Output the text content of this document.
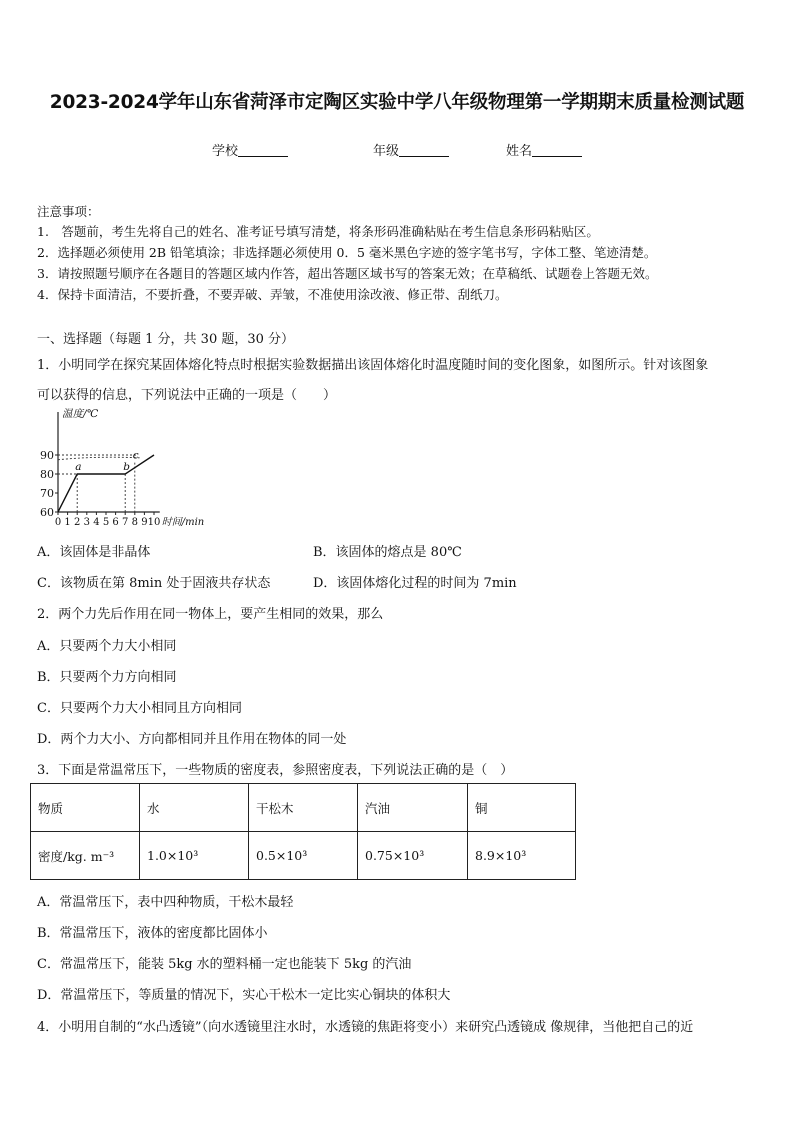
2023-2024学年山东省菏泽市定陶区实验中学八年级物理第一学期期末质量检测试题
学校	年级	姓名
注意事项：
1.　答题前，考生先将自己的姓名、准考证号填写清楚，将条形码准确粘贴在考生信息条形码粘贴区。
2．选择题必须使用 2B 铅笔填涂；非选择题必须使用 0．5 毫米黑色字迹的签字笔书写，字体工整、笔迹清楚。
3．请按照题号顺序在各题目的答题区域内作答，超出答题区域书写的答案无效；在草稿纸、试题卷上答题无效。
4．保持卡面清洁，不要折叠，不要弄破、弄皱，不准使用涂改液、修正带、刮纸刀。
一、选择题（每题 1 分，共 30 题，30 分）
1．小明同学在探究某固体熔化特点时根据实验数据描出该固体熔化时温度随时间的变化图象，如图所示。针对该图象
可以获得的信息，下列说法中正确的一项是（　　）
60
70
80
90
0 1 2 3 4 5 6 7 8 9 10
温度/℃
时间/min
a	b
c
A．该固体是非晶体	B．该固体的熔点是 80℃
C．该物质在第 8min 处于固液共存状态	D．该固体熔化过程的时间为 7min
2．两个力先后作用在同一物体上，要产生相同的效果，那么
A．只要两个力大小相同
B．只要两个力方向相同
C．只要两个力大小相同且方向相同
D．两个力大小、方向都相同并且作用在物体的同一处
3．下面是常温常压下，一些物质的密度表，参照密度表，下列说法正确的是（　）
物质	水	干松木	汽油	铜
密度/kg. m⁻³	1.0×10³	0.5×10³	0.75×10³	8.9×10³
A．常温常压下，表中四种物质，干松木最轻
B．常温常压下，液体的密度都比固体小
C．常温常压下，能装 5kg 水的塑料桶一定也能装下 5kg 的汽油
D．常温常压下，等质量的情况下，实心干松木一定比实心铜块的体积大
4．小明用自制的“水凸透镜”（向水透镜里注水时，水透镜的焦距将变小）来研究凸透镜成 像规律，当他把自己的近
